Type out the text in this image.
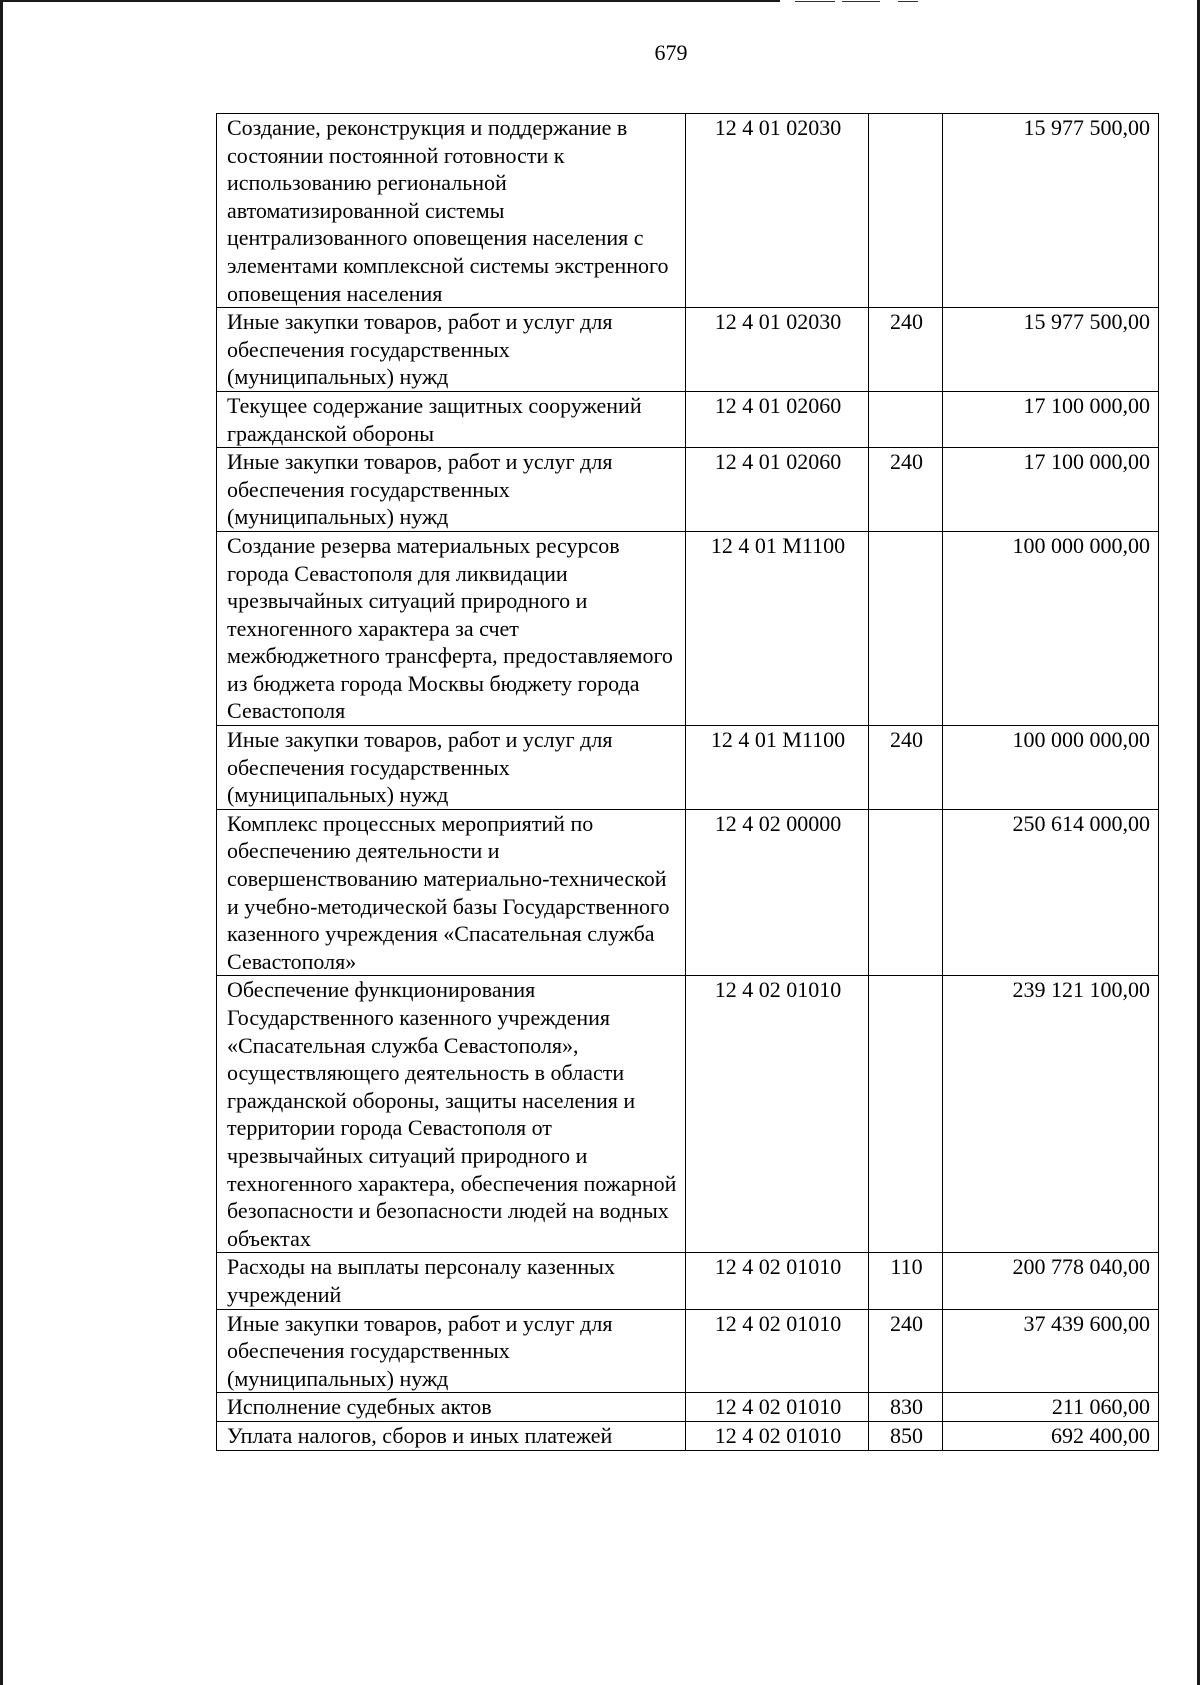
679
Создание, реконструкция и поддержание в состоянии постоянной готовности к использованию региональной автоматизированной системы централизованного оповещения населения с элементами комплексной системы экстренного оповещения населения	12 4 01 02030		15 977 500,00
Иные закупки товаров, работ и услуг для обеспечения государственных (муниципальных) нужд	12 4 01 02030	240	15 977 500,00
Текущее содержание защитных сооружений гражданской обороны	12 4 01 02060		17 100 000,00
Иные закупки товаров, работ и услуг для обеспечения государственных (муниципальных) нужд	12 4 01 02060	240	17 100 000,00
Создание резерва материальных ресурсов города Севастополя для ликвидации чрезвычайных ситуаций природного и техногенного характера за счет межбюджетного трансферта, предоставляемого из бюджета города Москвы бюджету города Севастополя	12 4 01 М1100		100 000 000,00
Иные закупки товаров, работ и услуг для обеспечения государственных (муниципальных) нужд	12 4 01 М1100	240	100 000 000,00
Комплекс процессных мероприятий по обеспечению деятельности и совершенствованию материально-технической и учебно-методической базы Государственного казенного учреждения «Спасательная служба Севастополя»	12 4 02 00000		250 614 000,00
Обеспечение функционирования Государственного казенного учреждения «Спасательная служба Севастополя», осуществляющего деятельность в области гражданской обороны, защиты населения и территории города Севастополя от чрезвычайных ситуаций природного и техногенного характера, обеспечения пожарной безопасности и безопасности людей на водных объектах	12 4 02 01010		239 121 100,00
Расходы на выплаты персоналу казенных учреждений	12 4 02 01010	110	200 778 040,00
Иные закупки товаров, работ и услуг для обеспечения государственных (муниципальных) нужд	12 4 02 01010	240	37 439 600,00
Исполнение судебных актов	12 4 02 01010	830	211 060,00
Уплата налогов, сборов и иных платежей	12 4 02 01010	850	692 400,00
